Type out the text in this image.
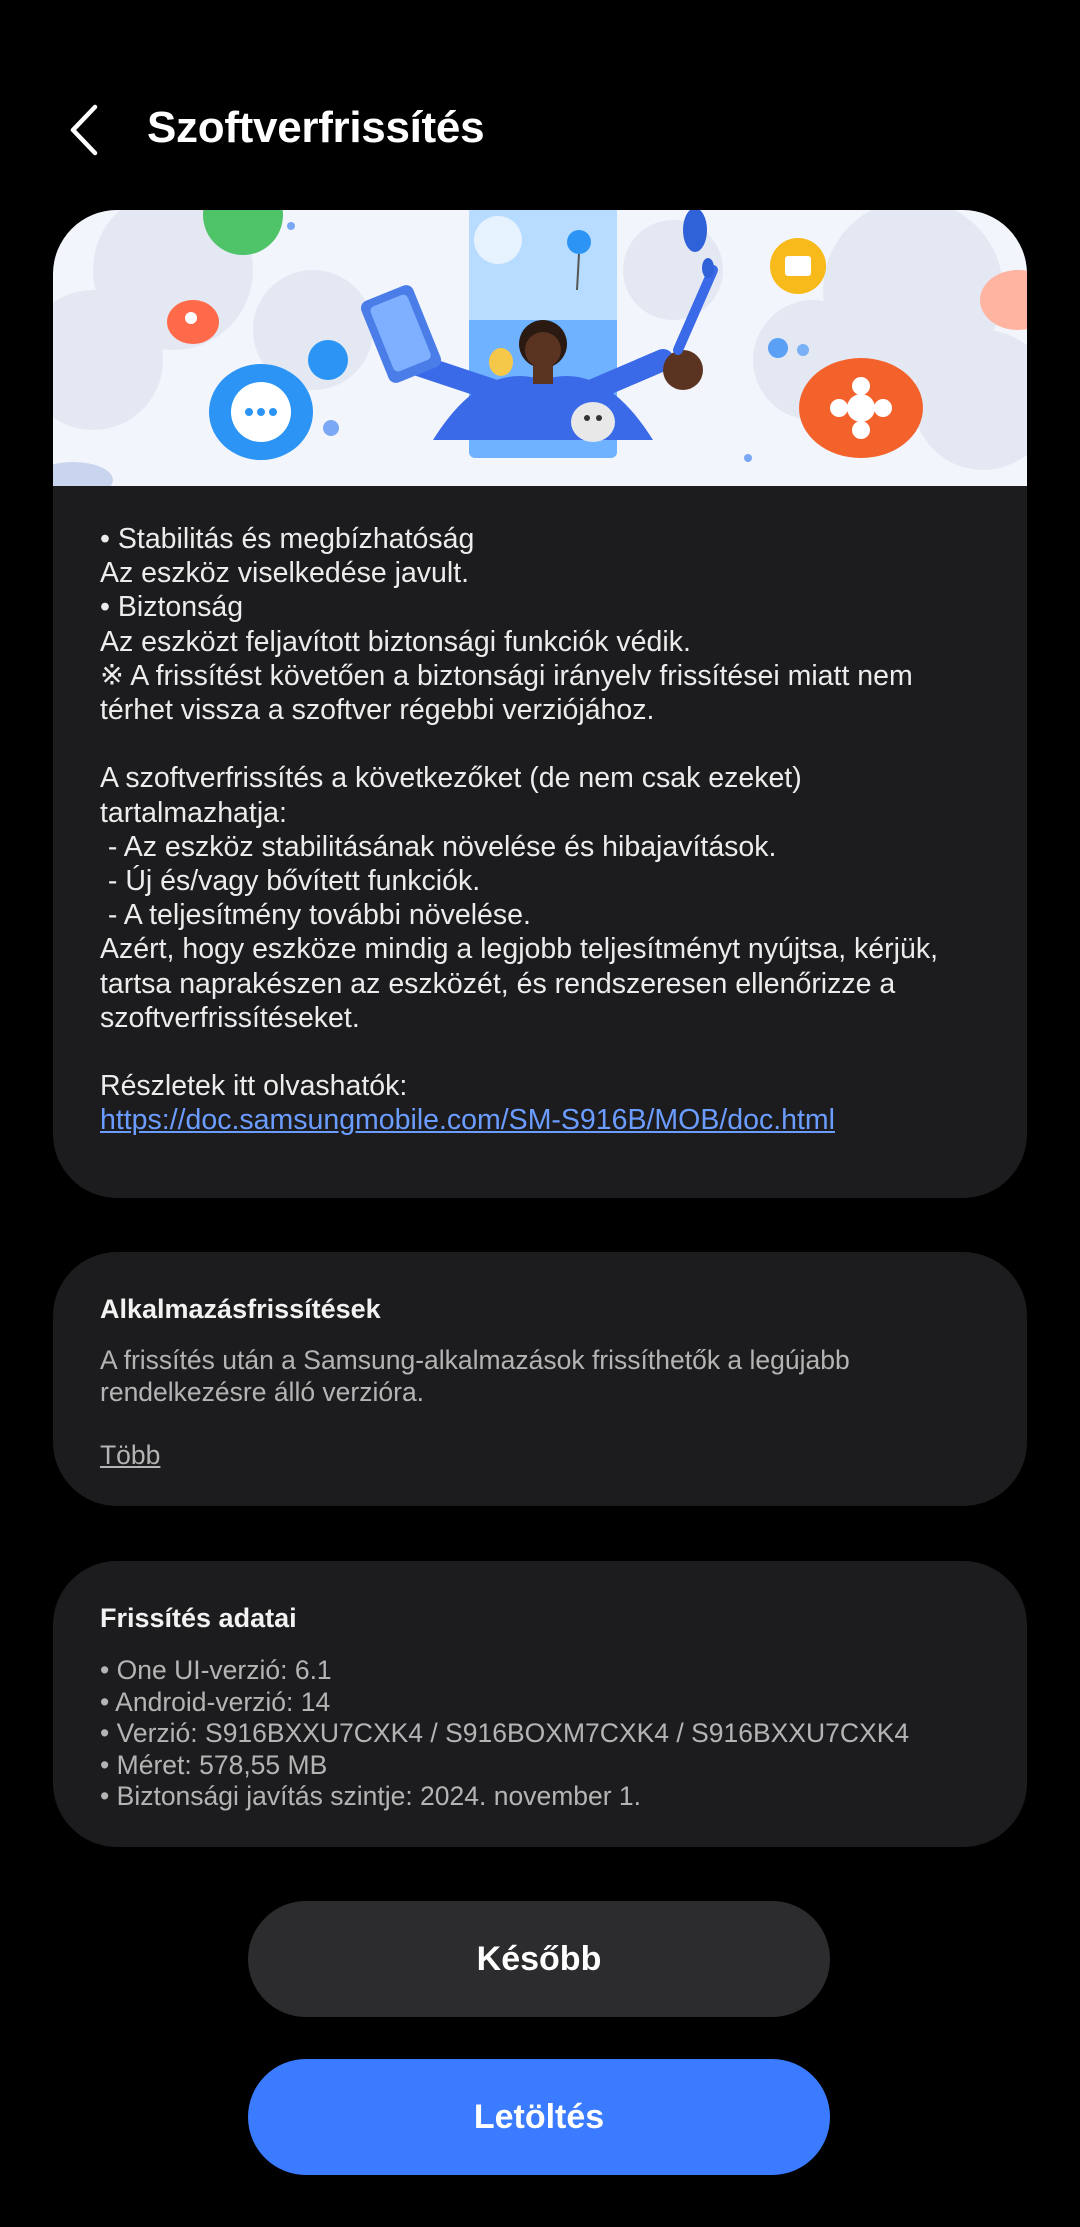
Szoftverfrissítés
• Stabilitás és megbízhatóság
Az eszköz viselkedése javult.
• Biztonság
Az eszközt feljavított biztonsági funkciók védik.
※ A frissítést követően a biztonsági irányelv frissítései miatt nem
térhet vissza a szoftver régebbi verziójához.
A szoftverfrissítés a következőket (de nem csak ezeket)
tartalmazhatja:
- Az eszköz stabilitásának növelése és hibajavítások.
- Új és/vagy bővített funkciók.
- A teljesítmény további növelése.
Azért, hogy eszköze mindig a legjobb teljesítményt nyújtsa, kérjük,
tartsa naprakészen az eszközét, és rendszeresen ellenőrizze a
szoftverfrissítéseket.
Részletek itt olvashatók:
https://doc.samsungmobile.com/SM-S916B/MOB/doc.html
Alkalmazásfrissítések
A frissítés után a Samsung-alkalmazások frissíthetők a legújabb rendelkezésre álló verzióra.
Több
Frissítés adatai
• One UI-verzió: 6.1
• Android-verzió: 14
• Verzió: S916BXXU7CXK4 / S916BOXM7CXK4 / S916BXXU7CXK4
• Méret: 578,55 MB
• Biztonsági javítás szintje: 2024. november 1.
Később
Letöltés
